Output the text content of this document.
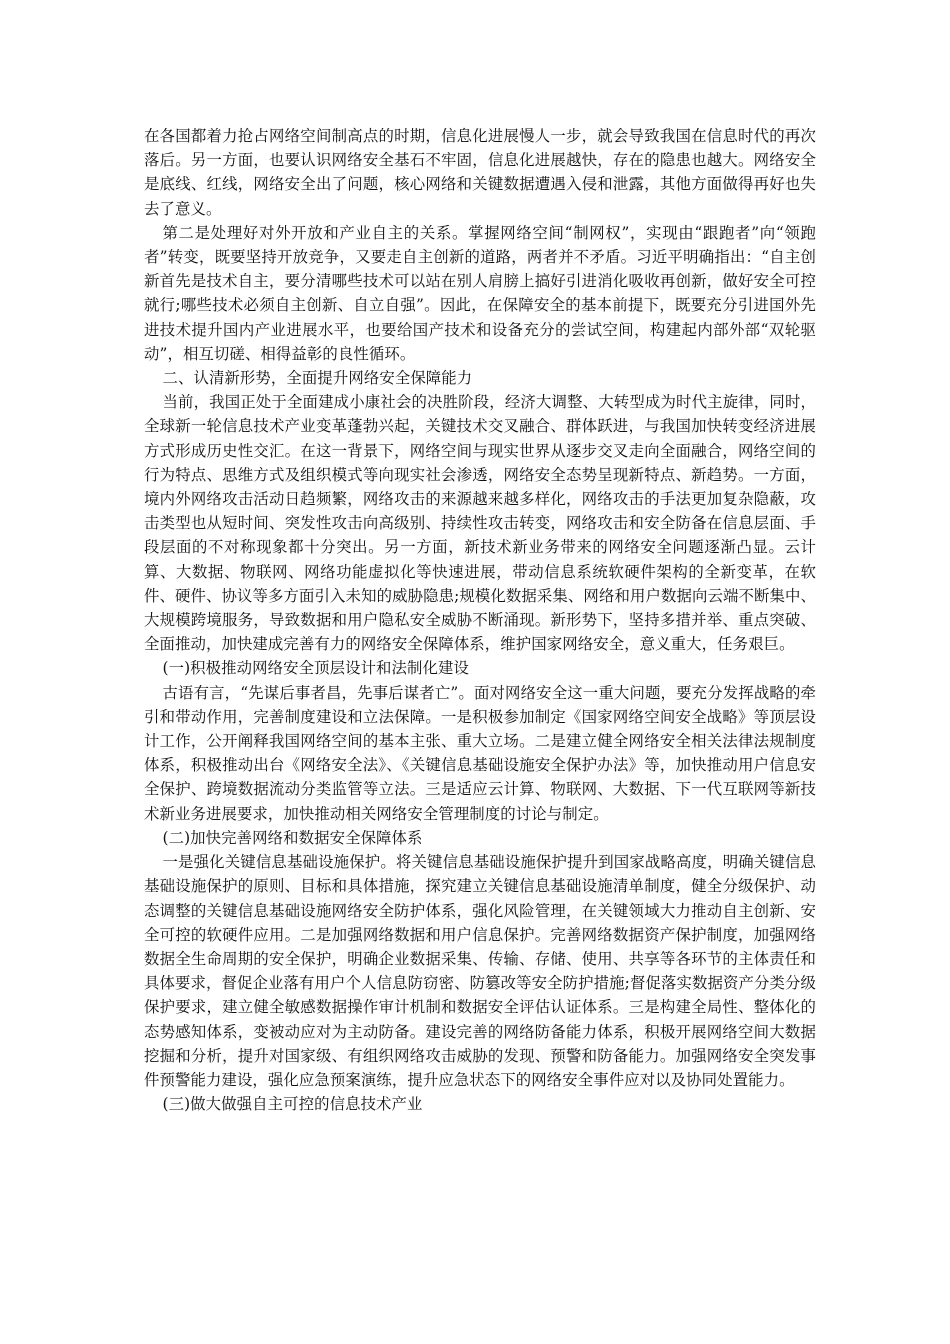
在各国都着力抢占网络空间制高点的时期，信息化进展慢人一步，就会导致我国在信息时代的再次落后。另一方面，也要认识网络安全基石不牢固，信息化进展越快，存在的隐患也越大。网络安全是底线、红线，网络安全出了问题，核心网络和关键数据遭遇入侵和泄露，其他方面做得再好也失去了意义。

第二是处理好对外开放和产业自主的关系。掌握网络空间“制网权”，实现由“跟跑者”向“领跑者”转变，既要坚持开放竞争，又要走自主创新的道路，两者并不矛盾。习近平明确指出：“自主创新首先是技术自主，要分清哪些技术可以站在别人肩膀上搞好引进消化吸收再创新，做好安全可控就行;哪些技术必须自主创新、自立自强”。因此，在保障安全的基本前提下，既要充分引进国外先进技术提升国内产业进展水平，也要给国产技术和设备充分的尝试空间，构建起内部外部“双轮驱动”，相互切磋、相得益彰的良性循环。

二、认清新形势，全面提升网络安全保障能力

当前，我国正处于全面建成小康社会的决胜阶段，经济大调整、大转型成为时代主旋律，同时，全球新一轮信息技术产业变革蓬勃兴起，关键技术交叉融合、群体跃进，与我国加快转变经济进展方式形成历史性交汇。在这一背景下，网络空间与现实世界从逐步交叉走向全面融合，网络空间的行为特点、思维方式及组织模式等向现实社会渗透，网络安全态势呈现新特点、新趋势。一方面，境内外网络攻击活动日趋频繁，网络攻击的来源越来越多样化，网络攻击的手法更加复杂隐蔽，攻击类型也从短时间、突发性攻击向高级别、持续性攻击转变，网络攻击和安全防备在信息层面、手段层面的不对称现象都十分突出。另一方面，新技术新业务带来的网络安全问题逐渐凸显。云计算、大数据、物联网、网络功能虚拟化等快速进展，带动信息系统软硬件架构的全新变革，在软件、硬件、协议等多方面引入未知的威胁隐患;规模化数据采集、网络和用户数据向云端不断集中、大规模跨境服务，导致数据和用户隐私安全威胁不断涌现。新形势下，坚持多措并举、重点突破、全面推动，加快建成完善有力的网络安全保障体系，维护国家网络安全，意义重大，任务艰巨。

(一)积极推动网络安全顶层设计和法制化建设

古语有言，“先谋后事者昌，先事后谋者亡”。面对网络安全这一重大问题，要充分发挥战略的牵引和带动作用，完善制度建设和立法保障。一是积极参加制定《国家网络空间安全战略》等顶层设计工作，公开阐释我国网络空间的基本主张、重大立场。二是建立健全网络安全相关法律法规制度体系，积极推动出台《网络安全法》、《关键信息基础设施安全保护办法》等，加快推动用户信息安全保护、跨境数据流动分类监管等立法。三是适应云计算、物联网、大数据、下一代互联网等新技术新业务进展要求，加快推动相关网络安全管理制度的讨论与制定。

(二)加快完善网络和数据安全保障体系

一是强化关键信息基础设施保护。将关键信息基础设施保护提升到国家战略高度，明确关键信息基础设施保护的原则、目标和具体措施，探究建立关键信息基础设施清单制度，健全分级保护、动态调整的关键信息基础设施网络安全防护体系，强化风险管理，在关键领域大力推动自主创新、安全可控的软硬件应用。二是加强网络数据和用户信息保护。完善网络数据资产保护制度，加强网络数据全生命周期的安全保护，明确企业数据采集、传输、存储、使用、共享等各环节的主体责任和具体要求，督促企业落有用户个人信息防窃密、防篡改等安全防护措施;督促落实数据资产分类分级保护要求，建立健全敏感数据操作审计机制和数据安全评估认证体系。三是构建全局性、整体化的态势感知体系，变被动应对为主动防备。建设完善的网络防备能力体系，积极开展网络空间大数据挖掘和分析，提升对国家级、有组织网络攻击威胁的发现、预警和防备能力。加强网络安全突发事件预警能力建设，强化应急预案演练，提升应急状态下的网络安全事件应对以及协同处置能力。

(三)做大做强自主可控的信息技术产业
